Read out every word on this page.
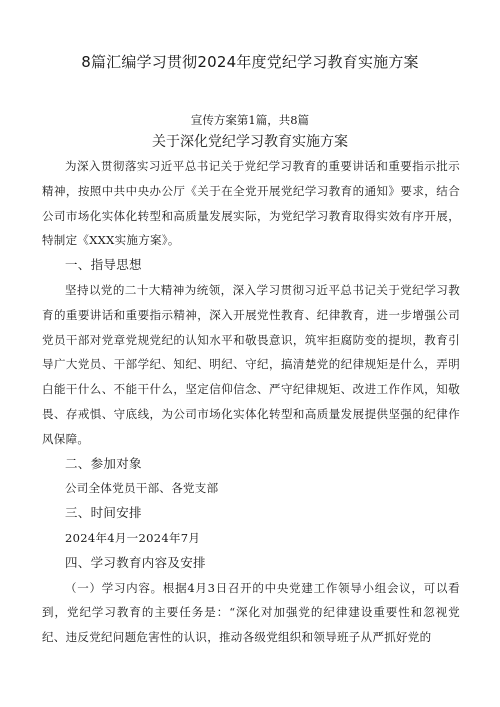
8篇汇编学习贯彻2024年度党纪学习教育实施方案
宣传方案第1篇，共8篇
关于深化党纪学习教育实施方案

为深入贯彻落实习近平总书记关于党纪学习教育的重要讲话和重要指示批示精神，按照中共中央办公厅《关于在全党开展党纪学习教育的通知》要求，结合公司市场化实体化转型和高质量发展实际，为党纪学习教育取得实效有序开展，特制定《XXX实施方案》。

一、指导思想

坚持以党的二十大精神为统领，深入学习贯彻习近平总书记关于党纪学习教育的重要讲话和重要指示精神，深入开展党性教育、纪律教育，进一步增强公司党员干部对党章党规党纪的认知水平和敬畏意识，筑牢拒腐防变的提坝，教育引导广大党员、干部学纪、知纪、明纪、守纪，搞清楚党的纪律规矩是什么，弄明白能干什么、不能干什么，坚定信仰信念、严守纪律规矩、改进工作作风，知敬畏、存戒惧、守底线，为公司市场化实体化转型和高质量发展提供坚强的纪律作风保障。

二、参加对象

公司全体党员干部、各党支部

三、时间安排

2024年4月一2024年7月

四、学习教育内容及安排

（一）学习内容。根据4月3日召开的中央党建工作领导小组会议，可以看到，党纪学习教育的主要任务是：“深化对加强党的纪律建设重要性和忽视党纪、违反党纪问题危害性的认识，推动各级党组织和领导班子从严抓好党的
